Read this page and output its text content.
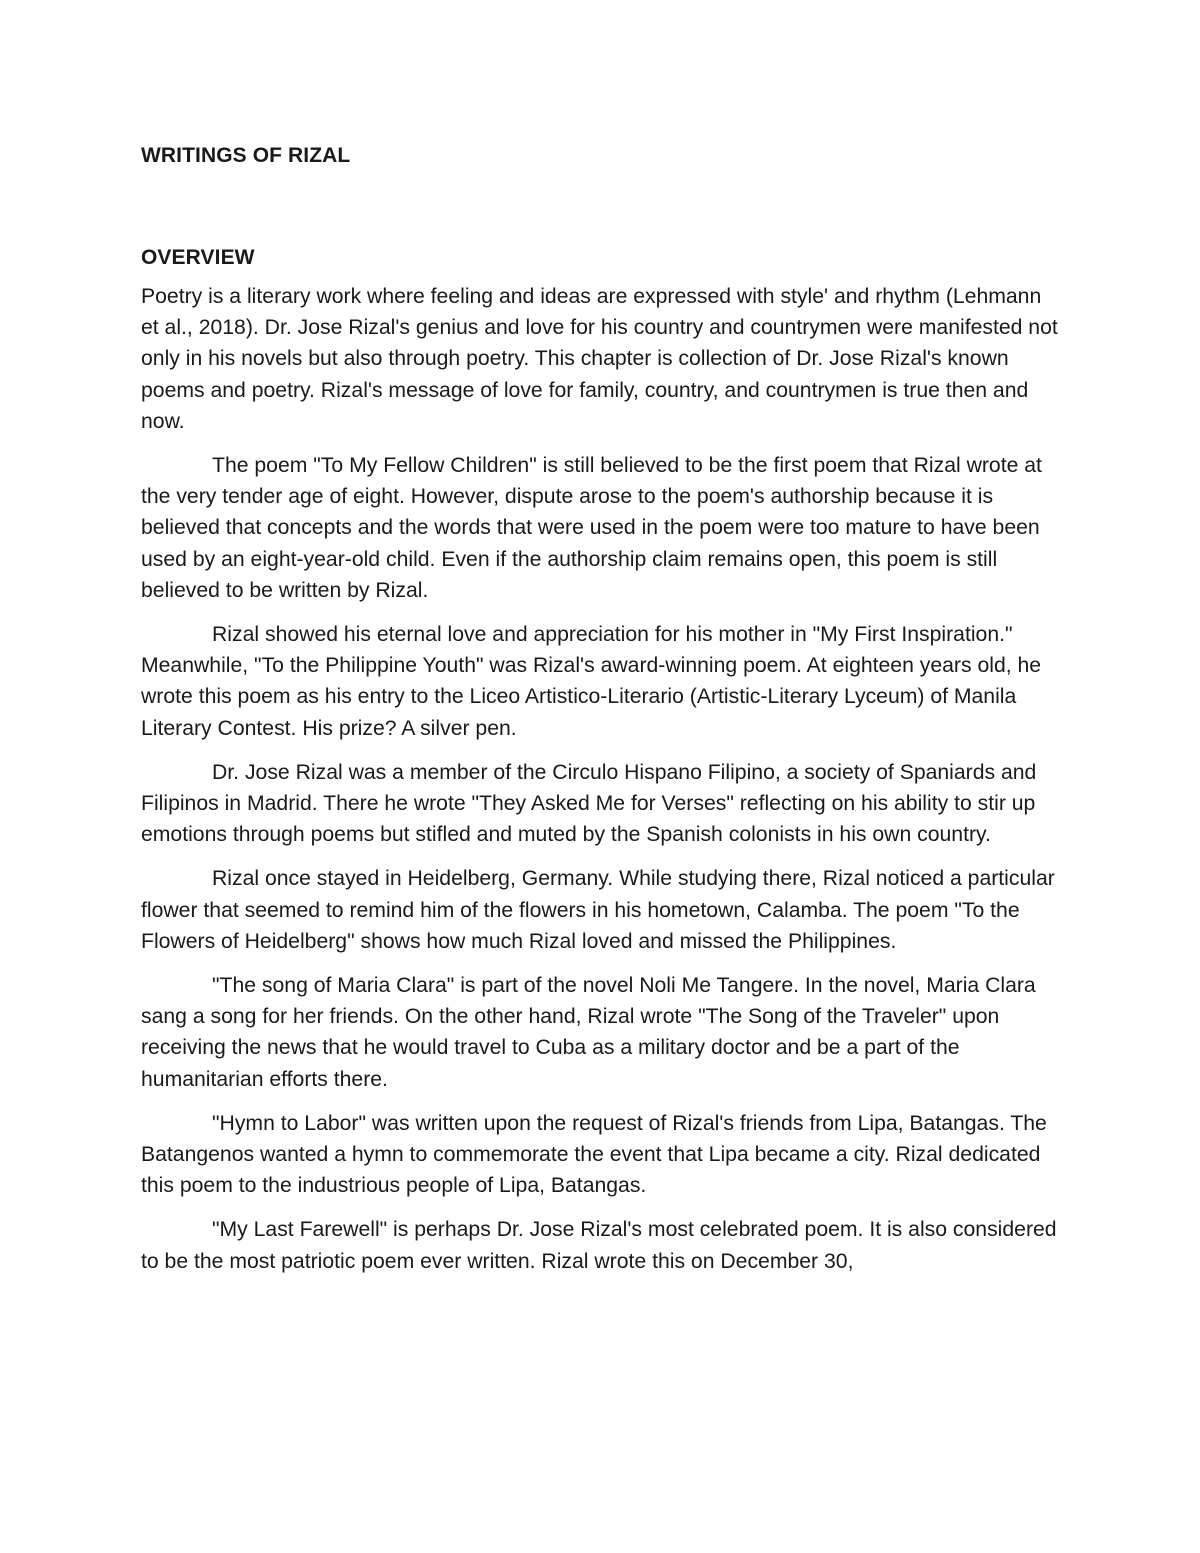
WRITINGS OF RIZAL
OVERVIEW

Poetry is a literary work where feeling and ideas are expressed with style' and rhythm (Lehmann et al., 2018). Dr. Jose Rizal's genius and love for his country and countrymen were manifested not only in his novels but also through poetry. This chapter is collection of Dr. Jose Rizal's known poems and poetry. Rizal's message of love for family, country, and countrymen is true then and now.

The poem "To My Fellow Children" is still believed to be the first poem that Rizal wrote at the very tender age of eight. However, dispute arose to the poem's authorship because it is believed that concepts and the words that were used in the poem were too mature to have been used by an eight-year-old child. Even if the authorship claim remains open, this poem is still believed to be written by Rizal.

Rizal showed his eternal love and appreciation for his mother in "My First Inspiration." Meanwhile, "To the Philippine Youth" was Rizal's award-winning poem. At eighteen years old, he wrote this poem as his entry to the Liceo Artistico-Literario (Artistic-Literary Lyceum) of Manila Literary Contest. His prize? A silver pen.

Dr. Jose Rizal was a member of the Circulo Hispano Filipino, a society of Spaniards and Filipinos in Madrid. There he wrote "They Asked Me for Verses" reflecting on his ability to stir up emotions through poems but stifled and muted by the Spanish colonists in his own country.

Rizal once stayed in Heidelberg, Germany. While studying there, Rizal noticed a particular flower that seemed to remind him of the flowers in his hometown, Calamba. The poem "To the Flowers of Heidelberg" shows how much Rizal loved and missed the Philippines.

"The song of Maria Clara" is part of the novel Noli Me Tangere. In the novel, Maria Clara sang a song for her friends. On the other hand, Rizal wrote "The Song of the Traveler" upon receiving the news that he would travel to Cuba as a military doctor and be a part of the humanitarian efforts there.

"Hymn to Labor" was written upon the request of Rizal's friends from Lipa, Batangas. The Batangenos wanted a hymn to commemorate the event that Lipa became a city. Rizal dedicated this poem to the industrious people of Lipa, Batangas.

"My Last Farewell" is perhaps Dr. Jose Rizal's most celebrated poem. It is also considered to be the most patriotic poem ever written. Rizal wrote this on December 30,
